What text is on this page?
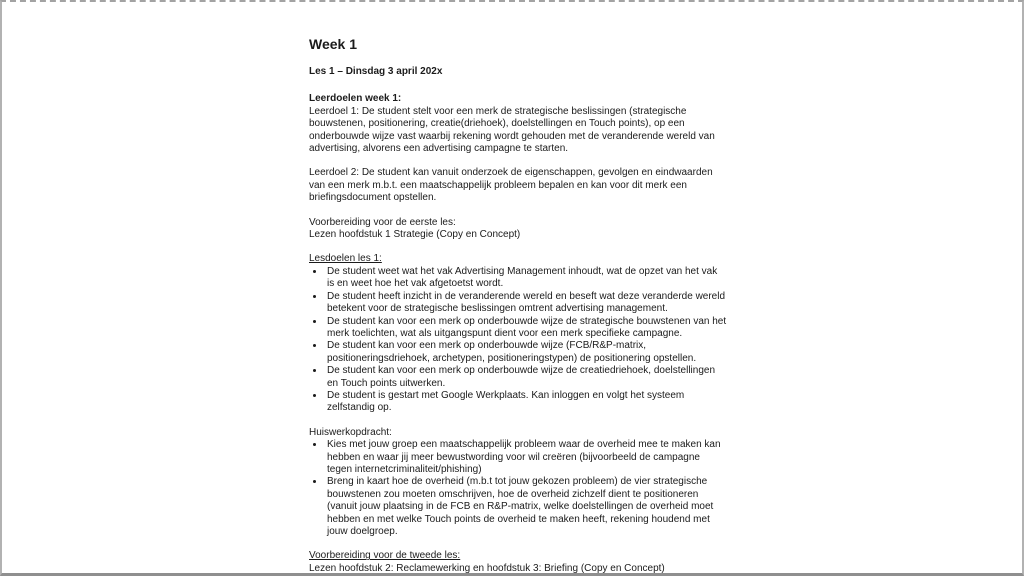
Week 1

Les 1 – Dinsdag 3 april 202x

Leerdoelen week 1:

Leerdoel 1: De student stelt voor een merk de strategische beslissingen (strategische bouwstenen, positionering, creatie(driehoek), doelstellingen en Touch points), op een onderbouwde wijze vast waarbij rekening wordt gehouden met de veranderende wereld van advertising, alvorens een advertising campagne te starten.

Leerdoel 2: De student kan vanuit onderzoek de eigenschappen, gevolgen en eindwaarden van een merk m.b.t. een maatschappelijk probleem bepalen en kan voor dit merk een briefingsdocument opstellen.

Voorbereiding voor de eerste les:

Lezen hoofdstuk 1 Strategie (Copy en Concept)

Lesdoelen les 1:

• De student weet wat het vak Advertising Management inhoudt, wat de opzet van het vak is en weet hoe het vak afgetoetst wordt.
• De student heeft inzicht in de veranderende wereld en beseft wat deze veranderde wereld betekent voor de strategische beslissingen omtrent advertising management.
• De student kan voor een merk op onderbouwde wijze de strategische bouwstenen van het merk toelichten, wat als uitgangspunt dient voor een merk specifieke campagne.
• De student kan voor een merk op onderbouwde wijze (FCB/R&P-matrix, positioneringsdriehoek, archetypen, positioneringstypen) de positionering opstellen.
• De student kan voor een merk op onderbouwde wijze de creatiedriehoek, doelstellingen en Touch points uitwerken.
• De student is gestart met Google Werkplaats. Kan inloggen en volgt het systeem zelfstandig op.

Huiswerkopdracht:

• Kies met jouw groep een maatschappelijk probleem waar de overheid mee te maken kan hebben en waar jij meer bewustwording voor wil creëren (bijvoorbeeld de campagne tegen internetcriminaliteit/phishing)
• Breng in kaart hoe de overheid (m.b.t tot jouw gekozen probleem) de vier strategische bouwstenen zou moeten omschrijven, hoe de overheid zichzelf dient te positioneren (vanuit jouw plaatsing in de FCB en R&P-matrix, welke doelstellingen de overheid moet hebben en met welke Touch points de overheid te maken heeft, rekening houdend met jouw doelgroep.

Voorbereiding voor de tweede les:

Lezen hoofdstuk 2: Reclamewerking en hoofdstuk 3: Briefing (Copy en Concept)
